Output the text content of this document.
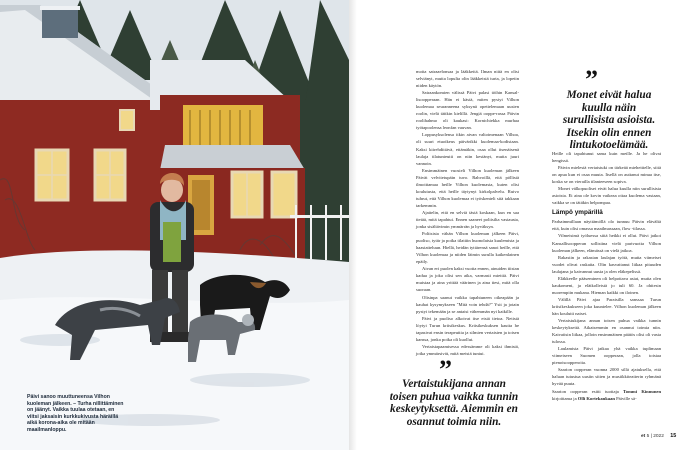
Päivi sanoo muuttuneensa Vilhon kuoleman jälkeen. – Turha nillittäminen on jäänyt. Vaikka tuulaa otetaan, en viitsi jaksaisin kurkkukivusta häräillä aikä korona-aika ole mitään maailmanloppu.

moita satraaelonsaa ja lääkkeitä. Ilman niitä en olisi selviänyt, mutta lopulta olin lääkkeistä turta, ja lopetin niiden käytön.

Satraankomien välissä Päivi palasi töihin Kansal-lisoopperaan. Hän ei kästä, miten pystyi Vilhon kuolemaa seuranneena syksynä opettelemaan uusien roolin, vielä täitkin kielillä. Jengiä ooppe-rassa Päivin roolihahmo oli kaukasi: Kornichiekka murhaa työtapoolensa leonfan vauvan.

Loppusyksolensa itkin aivan valtoimenaan Vilhoa, oli suuri etuoikeus päivärikki kuolemaa-kodistaan. Kaksi kiirehdittävä, ettämäkin, osaa ollut itsenäisenä laulaja tilatunteutti on niin kestänyt, mutta juuri vannoin.

Ensimmäinen vuosieli Vilhon kuoleman jälkeen Päivät velvitetupäin tuvo. Rahvoillä, että pöllistä ilmoittamaa heille Vilhon kuolemasta, kuten olisi koulutusta, että heille täytynyt kirkolpalvelu. Ruivo tuhrut, että Vilhon kuolemaa ei työskenteli sitä takkaan tarkemmin.

Ajattelin, että en selviä tästä koskaan, kun en saa tietää, mitä tapahtui. Ennen saaneet poliisilta vastausta, jonka sisältävimin ymmärrän ja hyväksyn.

Poliisista vähän Vilhon kuoleman jälkeen Päivi, puoliso, tytär ja poika tilattiin huonolaisia kuulemista ja haastatteluun. Hiellä, heidän tyttärensä sanoi heille, että Vilhon kuolemaa ja niiden läimin surulla kaikenlainen epäily.

Aivan eri puolen kaksi vuotta ennen, ainuiden tiistan kadua ja joka olisi sen aika, varmasti miettiä. Päivi muistaa ja aina yrittää väärinen ja aina tiesi, mitä olla suoraan.

Olisinpa saanut vaikka tapahtuneen oikeapään ja kauhat kysymykseen "Mitä voin tehdä?" Ysit ja jotain pystyi tekemään ja se antaisi vähemmän nyt kaikille.

Päivi ja puoliso alkoivat itse etsiä tietoa. Netistä löytyi Turun kriisikeskus. Kriisikeskuksen kautta he tapasivat ensin terapeuttia ja silmien vertaisten ja toisen kanssa, jonka poika oli kuollut.

Vertaistapaamisessa edessämme oli kaksi ihmistä, jotka ymmärsivät, mitä meistä tuntui.

”
Vertaistukijana annan toisen puhua vaikka tunnin keskeytyksettä. Aiemmin en osannut toimia niin.
”
Monet eivät halua kuulla näin surullisista asioista. Itsekin olin ennen lintukotoelämää.

Heille oli tapahtunut sama kuin meille. Ja he olivat hengissä.

Päivin mielestä vertaistuki on tärkeää mieheittelle, siitä on apua kun ei osaa muuta. Itsellä on auttanut minua itse, koska se on vierailla tilanteeseen sopiva.

Monet välkopuoliset eivät halua kuulla niin surullisista asioista. Ei aina ole kovin vaikeaa ottaa kuolema vastaan, vaikka se on tätäkin helpompaa.

Lämpö ympärillä

Parhaimmillaan näyttämöllä olo tunnuu Päivin elävältä että, kuin olisi omassa maailmassaan, flow -tilassa.

Vilmeisimä työluessa siitä heikki ei ollut. Päivi jatkoi Kansallisoopperan sollistina vielä parivuotta Vilhon kuoleman jälkeen, elämässä on vielä jatkoa.

Rakastin ja rakastan laulajan työtä, mutta viimeiset vuodet olivat raskaita. Olin kasvattanut liikaa pituuden laulajana ja kaivannut uusia ja olen eläkepelissä.

Eläkkeelle pääseminen oli helpottava asiat, mutta olen kaukomeni, ja elätkolleistä jo tuli 60. Ja ohitesin nuorempiin mukana. Hieman kaikki on iloinen.

Välillä Päivi ajaa Paraisilla sanssaa Turun kriisikeskukseen joka kuuntelee. Vilhon kuoleman jälkeen hän koulutti naiset.

Vertaistukijana annan toisen puhua vaikka tunnin keskeytyksettä. Aikaisemmin en osannut toimia niin. Kaivatisin liikaa, jolloin ensimmäinen päätös olisi oli vasta tulossa.

Laulamista Päivi jatkaa yhä vaikka tuplimaan viimeiseen Suomen oopperaan, jolla toistaa pienoisoopperoita.

Saarion oopperan vuonna 2000 sillä ajatuksella, että haluan tutustua uusiin sitten ja musiikkiteatterin ryhmänä hyvää puuta.

Saarion oopperan esitti tuottaja Tommi Kinnunen kirjoittama ja Olli Kortekankaan Päiville sä-

et 5 | 2022 15
